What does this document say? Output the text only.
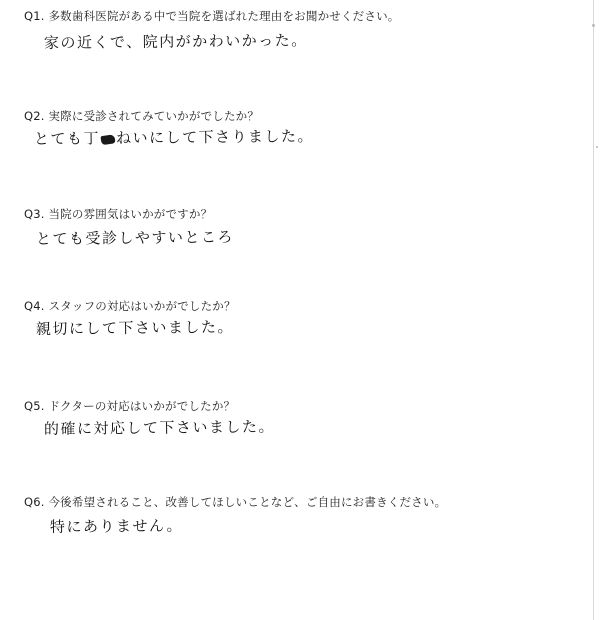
Q1. 多数歯科医院がある中で当院を選ばれた理由をお聞かせください。
家の近くで、院内がかわいかった。
Q2. 実際に受診されてみていかがでしたか？
とても丁 ねいにして下さりました。
Q3. 当院の雰囲気はいかがですか？
とても受診しやすいところ
Q4. スタッフの対応はいかがでしたか？
親切にして下さいました。
Q5. ドクターの対応はいかがでしたか？
的確に対応して下さいました。
Q6. 今後希望されること、改善してほしいことなど、ご自由にお書きください。
特にありません。
